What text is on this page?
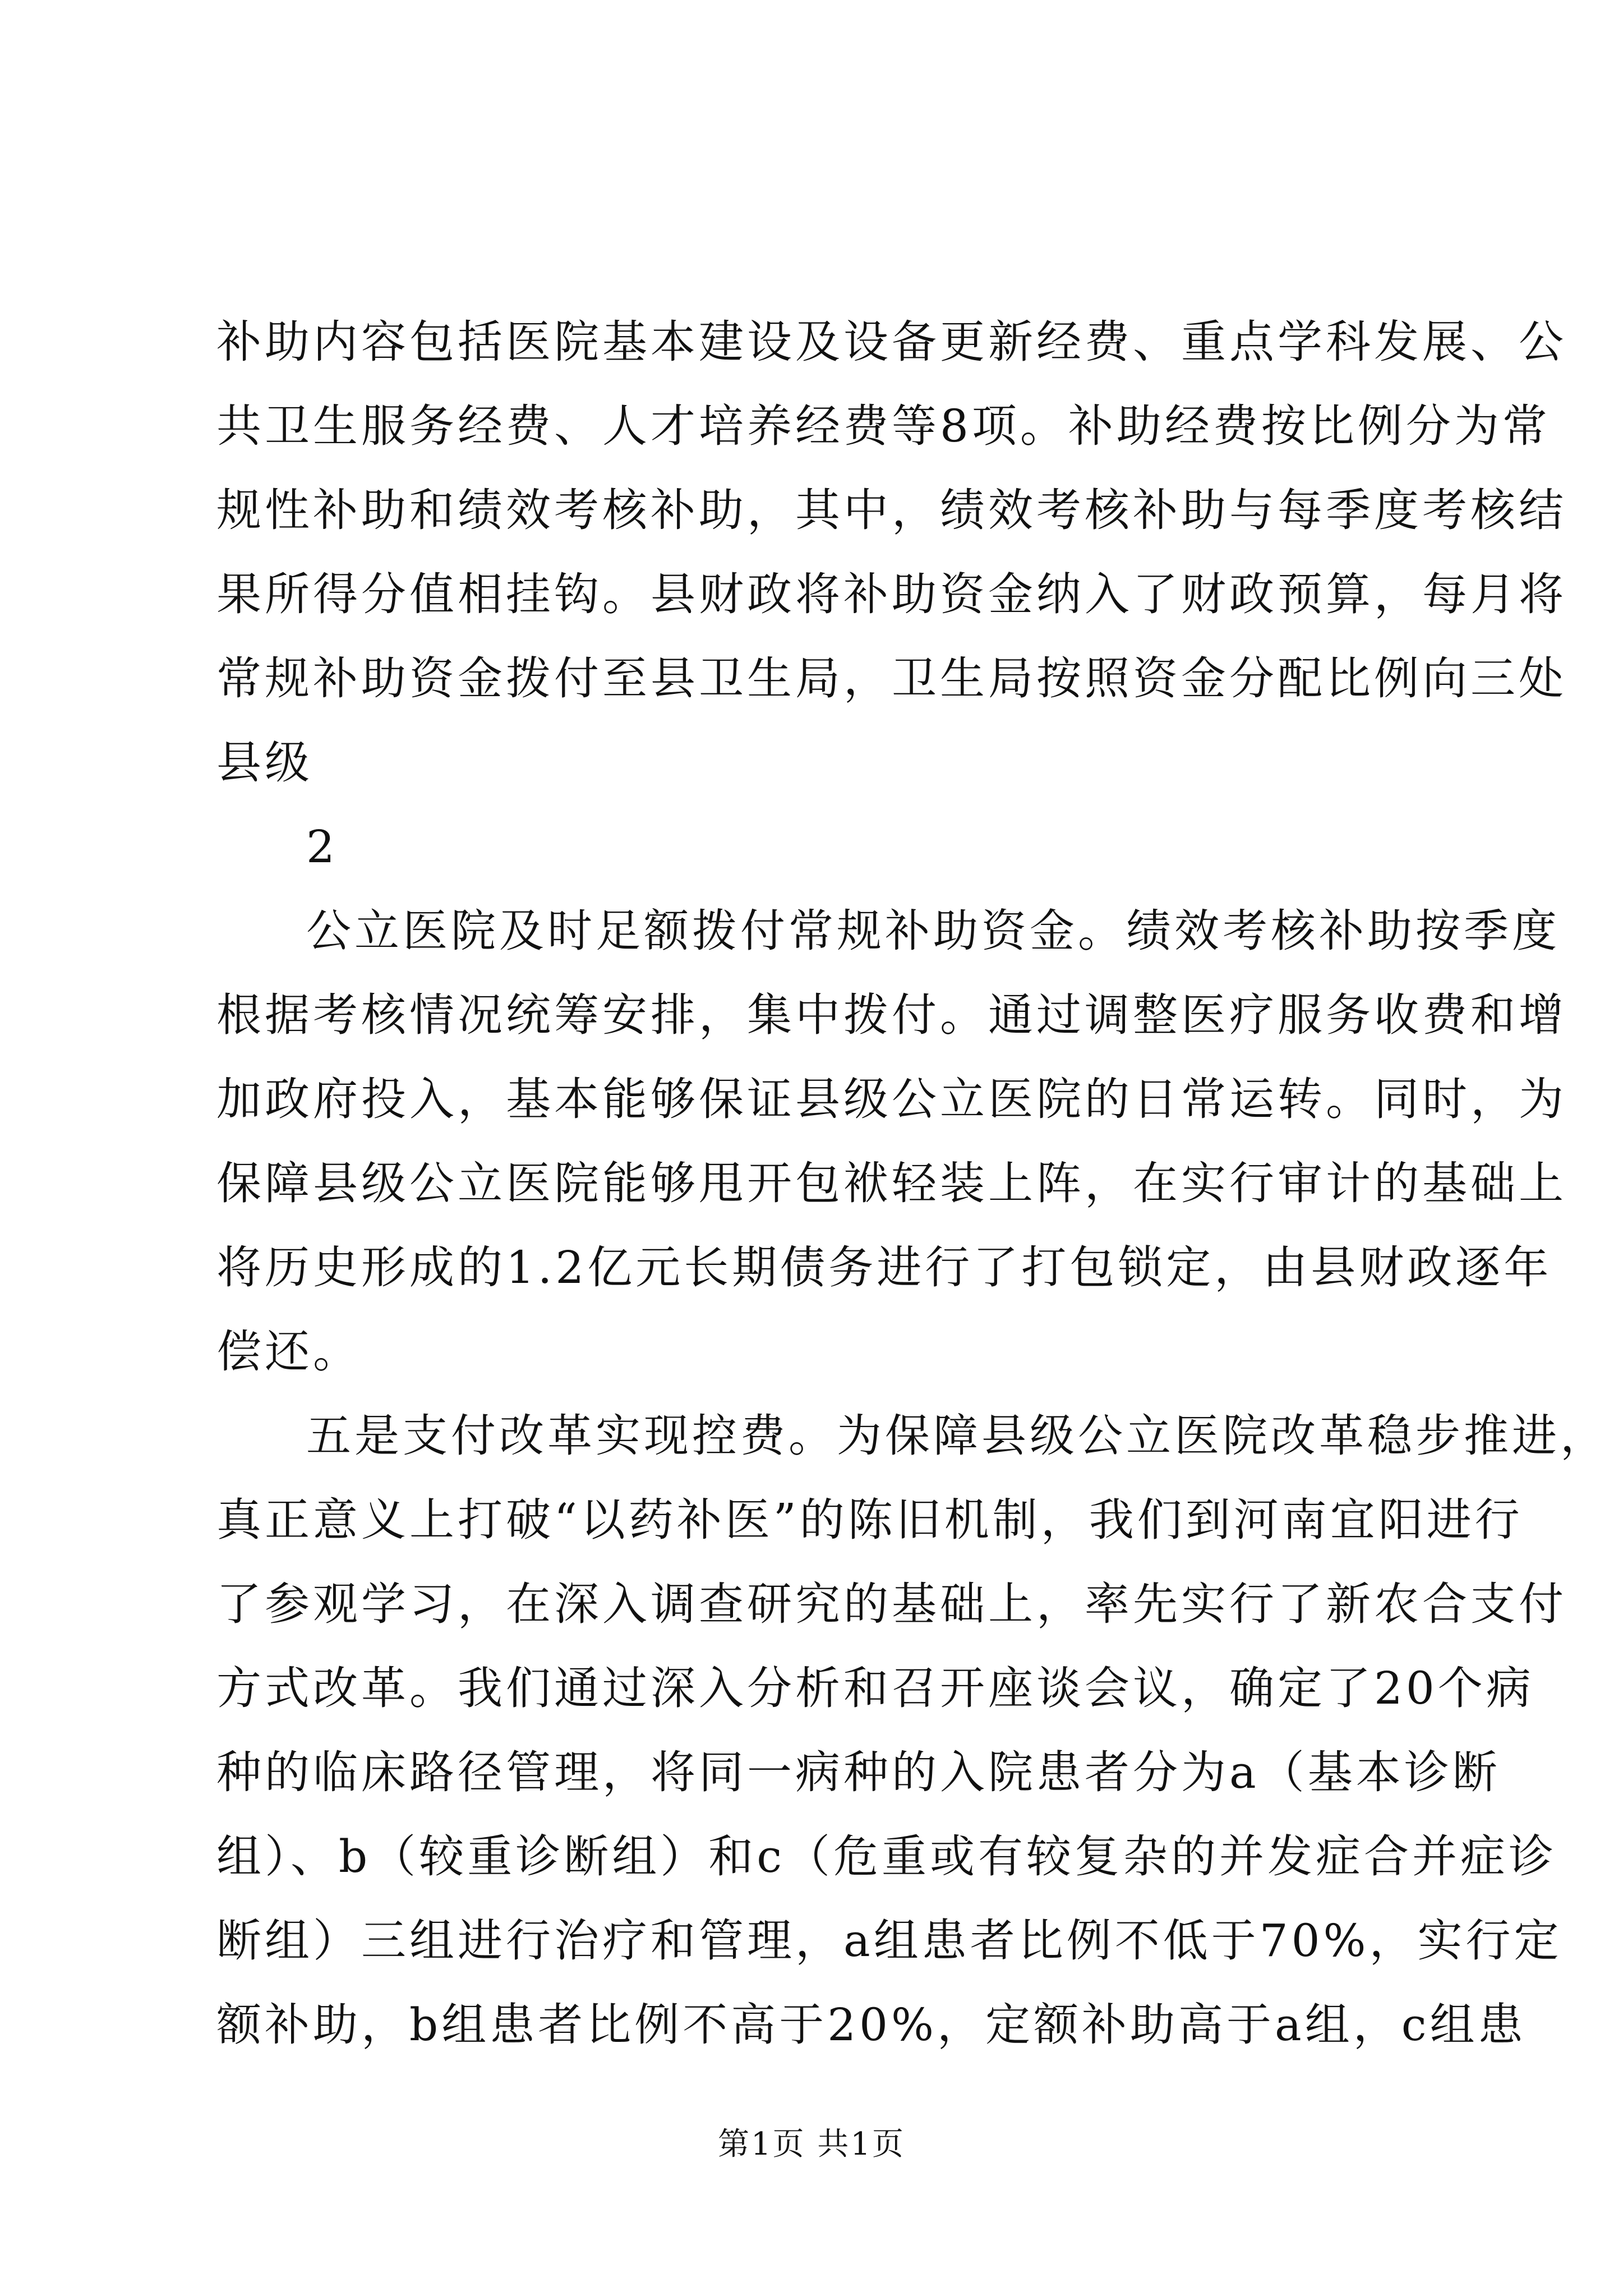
补助内容包括医院基本建设及设备更新经费、重点学科发展、公
共卫生服务经费、人才培养经费等8项。补助经费按比例分为常
规性补助和绩效考核补助，其中，绩效考核补助与每季度考核结
果所得分值相挂钩。县财政将补助资金纳入了财政预算，每月将
常规补助资金拨付至县卫生局，卫生局按照资金分配比例向三处
县级
2
公立医院及时足额拨付常规补助资金。绩效考核补助按季度
根据考核情况统筹安排，集中拨付。通过调整医疗服务收费和增
加政府投入，基本能够保证县级公立医院的日常运转。同时，为
保障县级公立医院能够甩开包袱轻装上阵，在实行审计的基础上
将历史形成的1.2亿元长期债务进行了打包锁定，由县财政逐年
偿还。
五是支付改革实现控费。为保障县级公立医院改革稳步推进，
真正意义上打破“以药补医”的陈旧机制，我们到河南宜阳进行
了参观学习，在深入调查研究的基础上，率先实行了新农合支付
方式改革。我们通过深入分析和召开座谈会议，确定了20个病
种的临床路径管理，将同一病种的入院患者分为a（基本诊断
组）、b（较重诊断组）和c（危重或有较复杂的并发症合并症诊
断组）三组进行治疗和管理，a组患者比例不低于70%，实行定
额补助，b组患者比例不高于20%，定额补助高于a组，c组患
第1页 共1页
